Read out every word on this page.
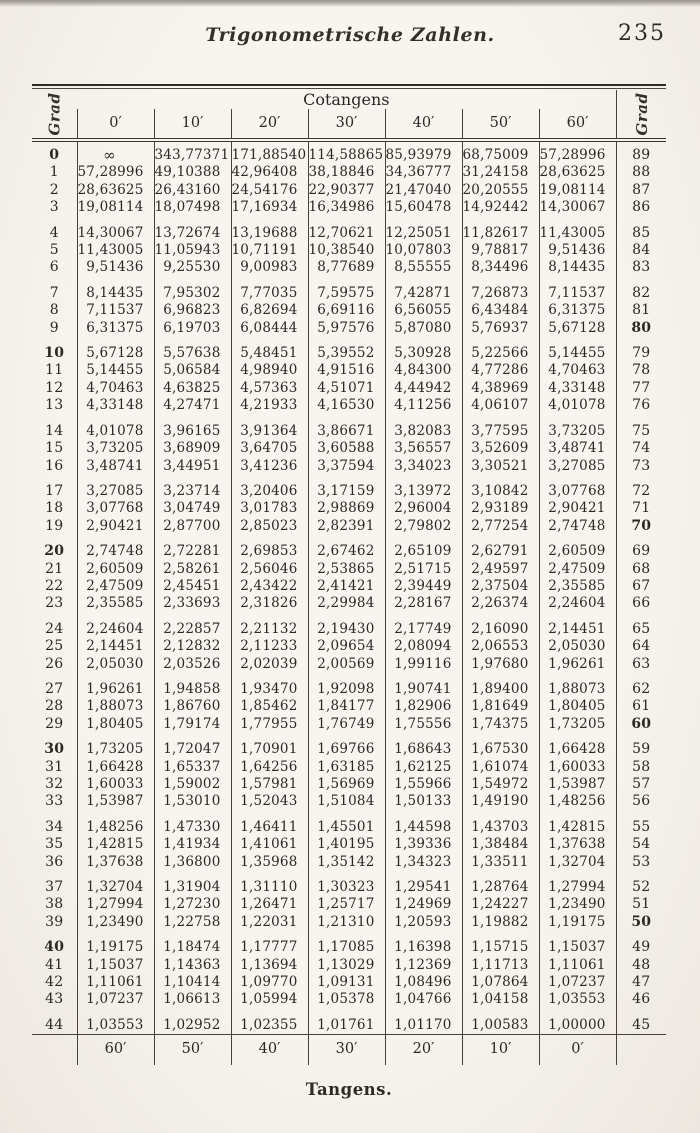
Trigonometrische Zahlen.	235
Grad	Cotangens							Grad

	0′	10′	20′	30′	40′	50′	60′	
0	∞	343,77371	171,88540	114,58865	85,93979	68,75009	57,28996	89
1	57,28996	49,10388	42,96408	38,18846	34,36777	31,24158	28,63625	88
2	28,63625	26,43160	24,54176	22,90377	21,47040	20,20555	19,08114	87
3	19,08114	18,07498	17,16934	16,34986	15,60478	14,92442	14,30067	86
4	14,30067	13,72674	13,19688	12,70621	12,25051	11,82617	11,43005	85
5	11,43005	11,05943	10,71191	10,38540	10,07803	9,78817	9,51436	84
6	9,51436	9,25530	9,00983	8,77689	8,55555	8,34496	8,14435	83
7	8,14435	7,95302	7,77035	7,59575	7,42871	7,26873	7,11537	82
8	7,11537	6,96823	6,82694	6,69116	6,56055	6,43484	6,31375	81
9	6,31375	6,19703	6,08444	5,97576	5,87080	5,76937	5,67128	80
10	5,67128	5,57638	5,48451	5,39552	5,30928	5,22566	5,14455	79
11	5,14455	5,06584	4,98940	4,91516	4,84300	4,77286	4,70463	78
12	4,70463	4,63825	4,57363	4,51071	4,44942	4,38969	4,33148	77
13	4,33148	4,27471	4,21933	4,16530	4,11256	4,06107	4,01078	76
14	4,01078	3,96165	3,91364	3,86671	3,82083	3,77595	3,73205	75
15	3,73205	3,68909	3,64705	3,60588	3,56557	3,52609	3,48741	74
16	3,48741	3,44951	3,41236	3,37594	3,34023	3,30521	3,27085	73
17	3,27085	3,23714	3,20406	3,17159	3,13972	3,10842	3,07768	72
18	3,07768	3,04749	3,01783	2,98869	2,96004	2,93189	2,90421	71
19	2,90421	2,87700	2,85023	2,82391	2,79802	2,77254	2,74748	70
20	2,74748	2,72281	2,69853	2,67462	2,65109	2,62791	2,60509	69
21	2,60509	2,58261	2,56046	2,53865	2,51715	2,49597	2,47509	68
22	2,47509	2,45451	2,43422	2,41421	2,39449	2,37504	2,35585	67
23	2,35585	2,33693	2,31826	2,29984	2,28167	2,26374	2,24604	66
24	2,24604	2,22857	2,21132	2,19430	2,17749	2,16090	2,14451	65
25	2,14451	2,12832	2,11233	2,09654	2,08094	2,06553	2,05030	64
26	2,05030	2,03526	2,02039	2,00569	1,99116	1,97680	1,96261	63
27	1,96261	1,94858	1,93470	1,92098	1,90741	1,89400	1,88073	62
28	1,88073	1,86760	1,85462	1,84177	1,82906	1,81649	1,80405	61
29	1,80405	1,79174	1,77955	1,76749	1,75556	1,74375	1,73205	60
30	1,73205	1,72047	1,70901	1,69766	1,68643	1,67530	1,66428	59
31	1,66428	1,65337	1,64256	1,63185	1,62125	1,61074	1,60033	58
32	1,60033	1,59002	1,57981	1,56969	1,55966	1,54972	1,53987	57
33	1,53987	1,53010	1,52043	1,51084	1,50133	1,49190	1,48256	56
34	1,48256	1,47330	1,46411	1,45501	1,44598	1,43703	1,42815	55
35	1,42815	1,41934	1,41061	1,40195	1,39336	1,38484	1,37638	54
36	1,37638	1,36800	1,35968	1,35142	1,34323	1,33511	1,32704	53
37	1,32704	1,31904	1,31110	1,30323	1,29541	1,28764	1,27994	52
38	1,27994	1,27230	1,26471	1,25717	1,24969	1,24227	1,23490	51
39	1,23490	1,22758	1,22031	1,21310	1,20593	1,19882	1,19175	50
40	1,19175	1,18474	1,17777	1,17085	1,16398	1,15715	1,15037	49
41	1,15037	1,14363	1,13694	1,13029	1,12369	1,11713	1,11061	48
42	1,11061	1,10414	1,09770	1,09131	1,08496	1,07864	1,07237	47
43	1,07237	1,06613	1,05994	1,05378	1,04766	1,04158	1,03553	46
44	1,03553	1,02952	1,02355	1,01761	1,01170	1,00583	1,00000	45
	60′	50′	40′	30′	20′	10′	0′	
Tangens.
